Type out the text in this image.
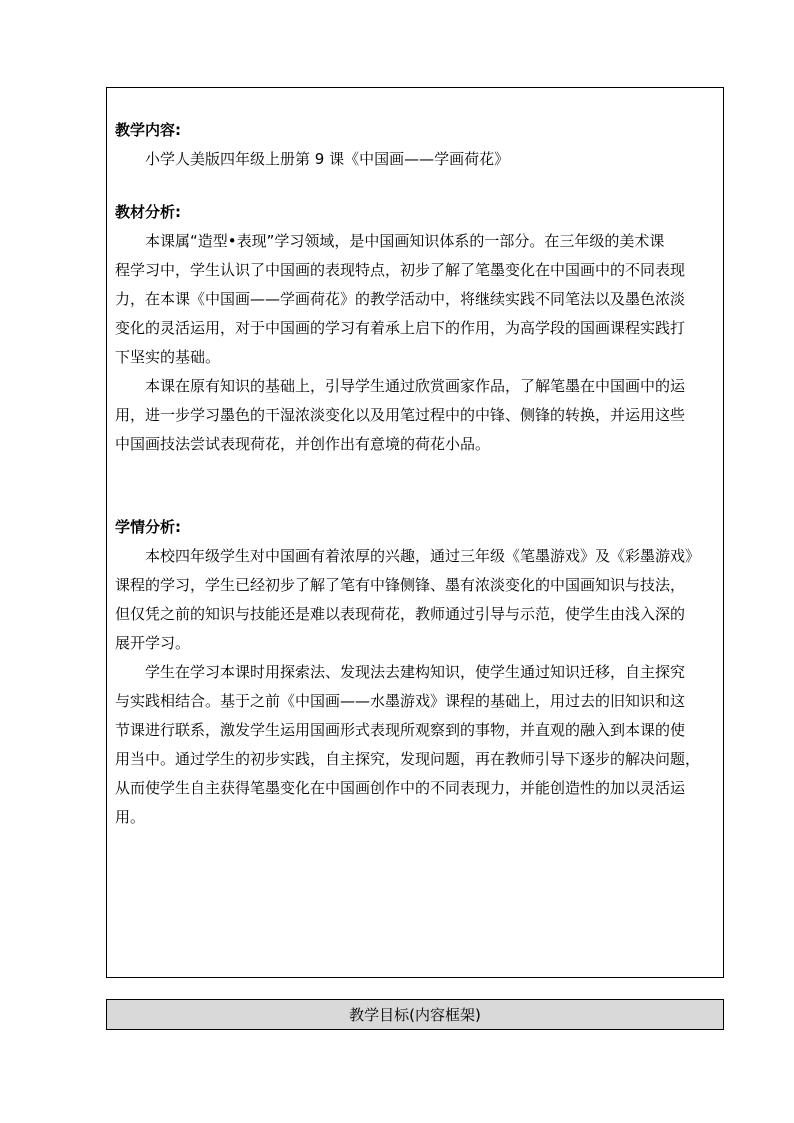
教学内容:
小学人美版四年级上册第 9 课《中国画——学画荷花》
教材分析:
本课属“造型•表现”学习领域，是中国画知识体系的一部分。在三年级的美术课
程学习中，学生认识了中国画的表现特点，初步了解了笔墨变化在中国画中的不同表现
力，在本课《中国画——学画荷花》的教学活动中，将继续实践不同笔法以及墨色浓淡
变化的灵活运用，对于中国画的学习有着承上启下的作用，为高学段的国画课程实践打
下坚实的基础。
本课在原有知识的基础上，引导学生通过欣赏画家作品，了解笔墨在中国画中的运
用，进一步学习墨色的干湿浓淡变化以及用笔过程中的中锋、侧锋的转换，并运用这些
中国画技法尝试表现荷花，并创作出有意境的荷花小品。
学情分析:
本校四年级学生对中国画有着浓厚的兴趣，通过三年级《笔墨游戏》及《彩墨游戏》
课程的学习，学生已经初步了解了笔有中锋侧锋、墨有浓淡变化的中国画知识与技法，
但仅凭之前的知识与技能还是难以表现荷花，教师通过引导与示范，使学生由浅入深的
展开学习。
学生在学习本课时用探索法、发现法去建构知识，使学生通过知识迁移，自主探究
与实践相结合。基于之前《中国画——水墨游戏》课程的基础上，用过去的旧知识和这
节课进行联系，激发学生运用国画形式表现所观察到的事物，并直观的融入到本课的使
用当中。通过学生的初步实践，自主探究，发现问题，再在教师引导下逐步的解决问题，
从而使学生自主获得笔墨变化在中国画创作中的不同表现力，并能创造性的加以灵活运
用。
教学目标(内容框架)
